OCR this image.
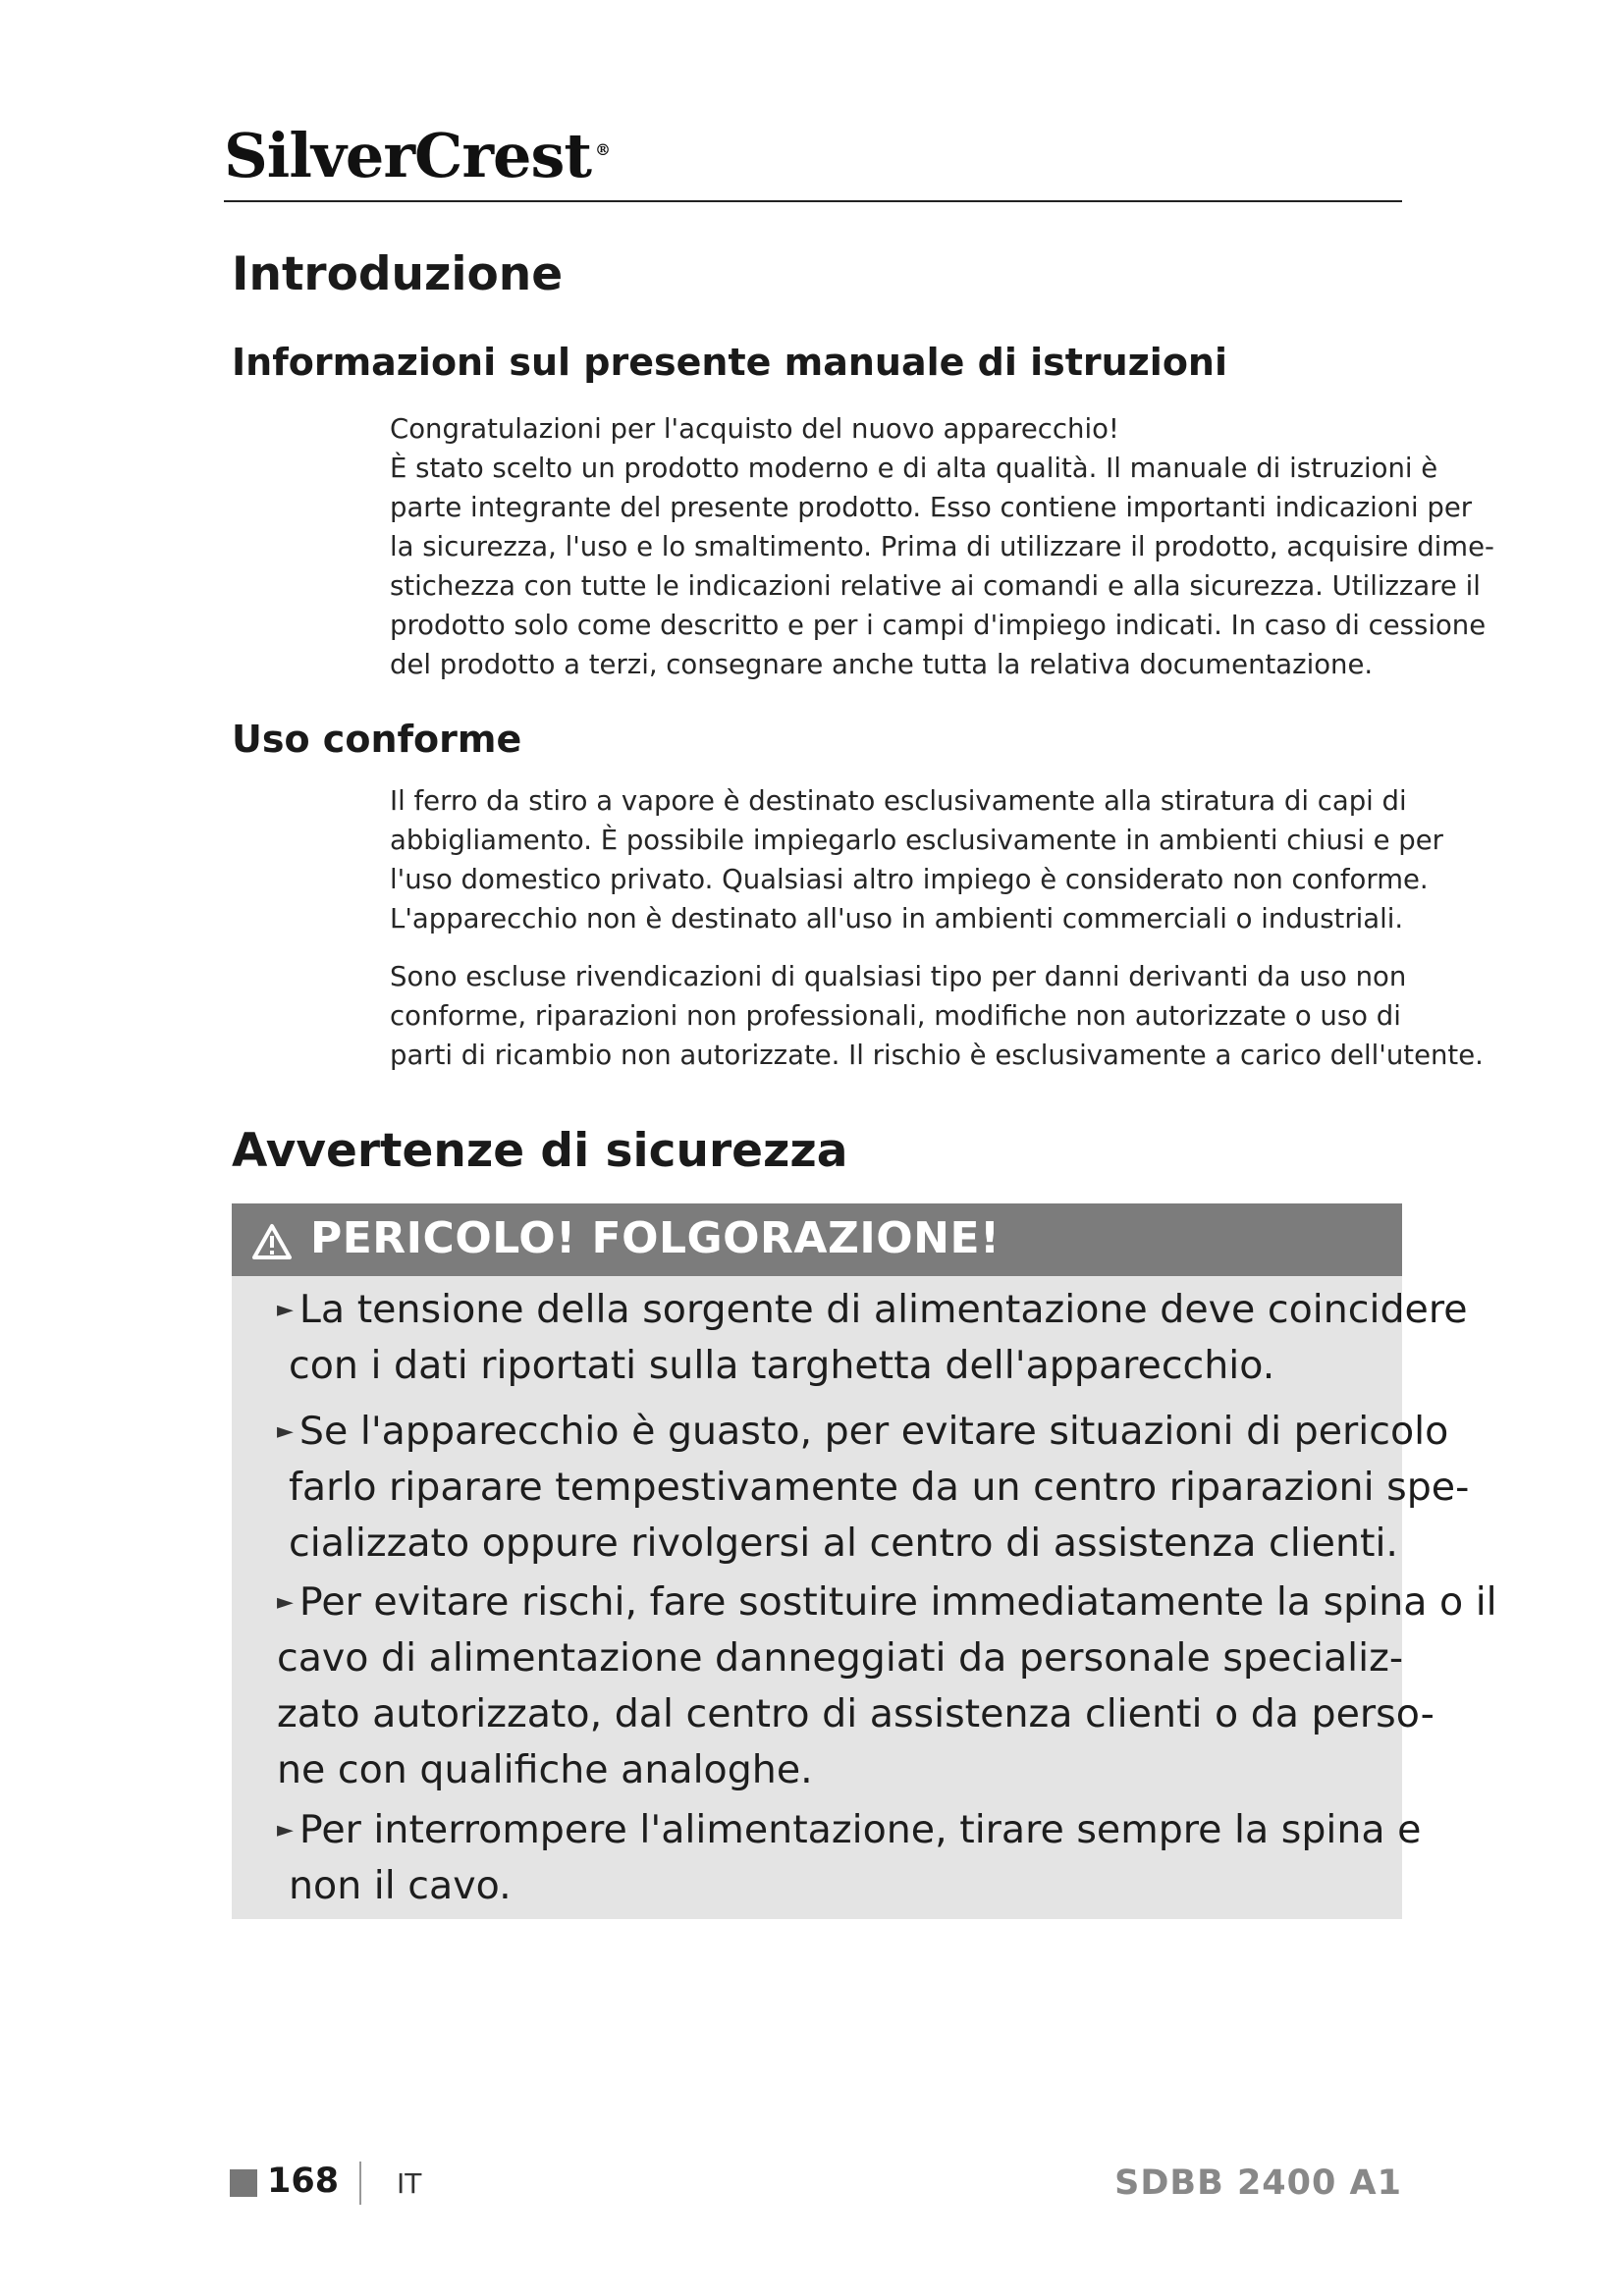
SilverCrest ®
Introduzione
Informazioni sul presente manuale di istruzioni

Congratulazioni per l'acquisto del nuovo apparecchio!
È stato scelto un prodotto moderno e di alta qualità. Il manuale di istruzioni è
parte integrante del presente prodotto. Esso contiene importanti indicazioni per
la sicurezza, l'uso e lo smaltimento. Prima di utilizzare il prodotto, acquisire dime-
stichezza con tutte le indicazioni relative ai comandi e alla sicurezza. Utilizzare il
prodotto solo come descritto e per i campi d'impiego indicati. In caso di cessione
del prodotto a terzi, consegnare anche tutta la relativa documentazione.

Uso conforme

Il ferro da stiro a vapore è destinato esclusivamente alla stiratura di capi di
abbigliamento. È possibile impiegarlo esclusivamente in ambienti chiusi e per
l'uso domestico privato. Qualsiasi altro impiego è considerato non conforme.
L'apparecchio non è destinato all'uso in ambienti commerciali o industriali.

Sono escluse rivendicazioni di qualsiasi tipo per danni derivanti da uso non
conforme, riparazioni non professionali, modifiche non autorizzate o uso di
parti di ricambio non autorizzate. Il rischio è esclusivamente a carico dell'utente.

Avvertenze di sicurezza
PERICOLO! FOLGORAZIONE!
► La tensione della sorgente di alimentazione deve coincidere
con i dati riportati sulla targhetta dell'apparecchio.
► Se l'apparecchio è guasto, per evitare situazioni di pericolo
farlo riparare tempestivamente da un centro riparazioni spe-
cializzato oppure rivolgersi al centro di assistenza clienti.
► Per evitare rischi, fare sostituire immediatamente la spina o il
cavo di alimentazione danneggiati da personale specializ-
zato autorizzato, dal centro di assistenza clienti o da perso-
ne con qualifiche analoghe.
► Per interrompere l'alimentazione, tirare sempre la spina e
non il cavo.
168 IT	SDBB 2400 A1
